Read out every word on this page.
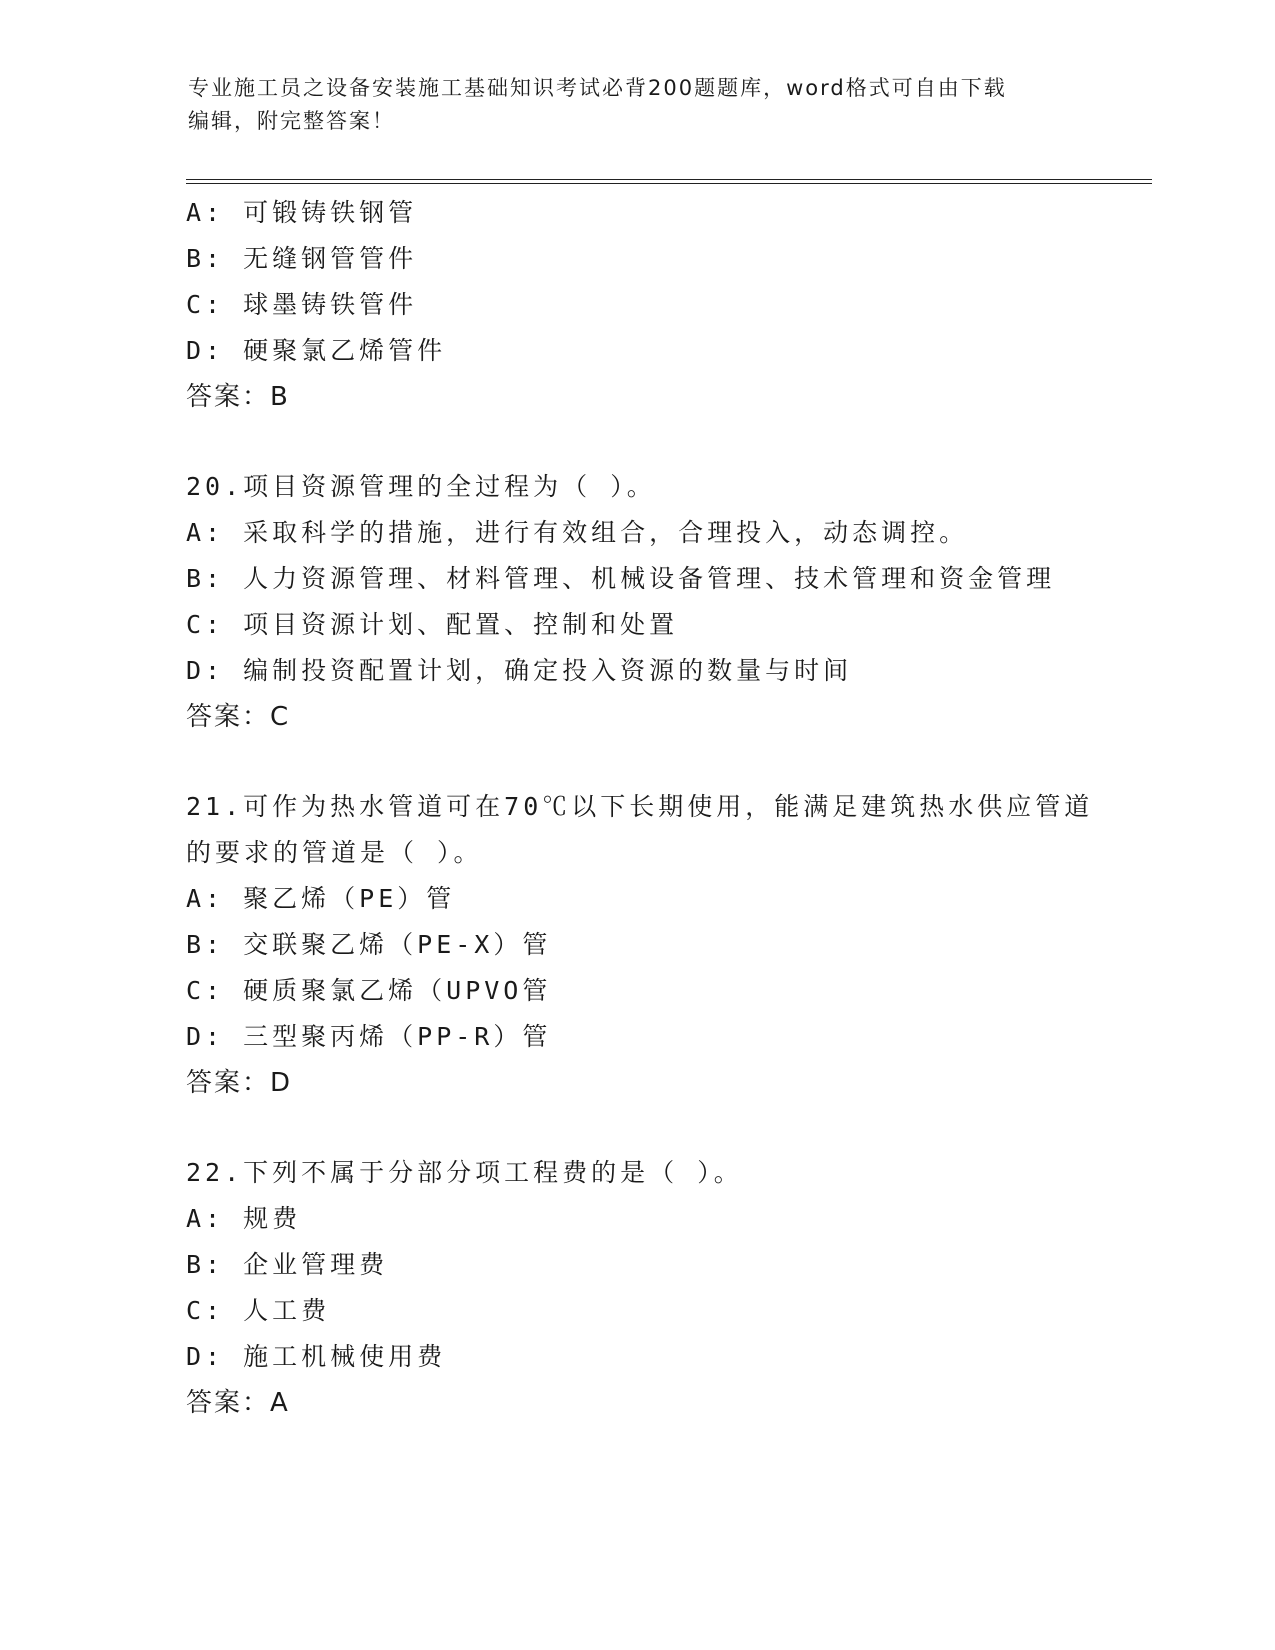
专业施工员之设备安装施工基础知识考试必背200题题库，word格式可自由下载
编辑，附完整答案！
A: 可锻铸铁钢管
B: 无缝钢管管件
C: 球墨铸铁管件
D: 硬聚氯乙烯管件
答案：B
20.项目资源管理的全过程为（ ）。
A: 采取科学的措施，进行有效组合，合理投入，动态调控。
B: 人力资源管理、材料管理、机械设备管理、技术管理和资金管理
C: 项目资源计划、配置、控制和处置
D: 编制投资配置计划，确定投入资源的数量与时间
答案：C
21.可作为热水管道可在70℃以下长期使用，能满足建筑热水供应管道
的要求的管道是（ ）。
A: 聚乙烯（PE）管
B: 交联聚乙烯（PE-X）管
C: 硬质聚氯乙烯（UPVO管
D: 三型聚丙烯（PP-R）管
答案：D
22.下列不属于分部分项工程费的是（ ）。
A: 规费
B: 企业管理费
C: 人工费
D: 施工机械使用费
答案：A
